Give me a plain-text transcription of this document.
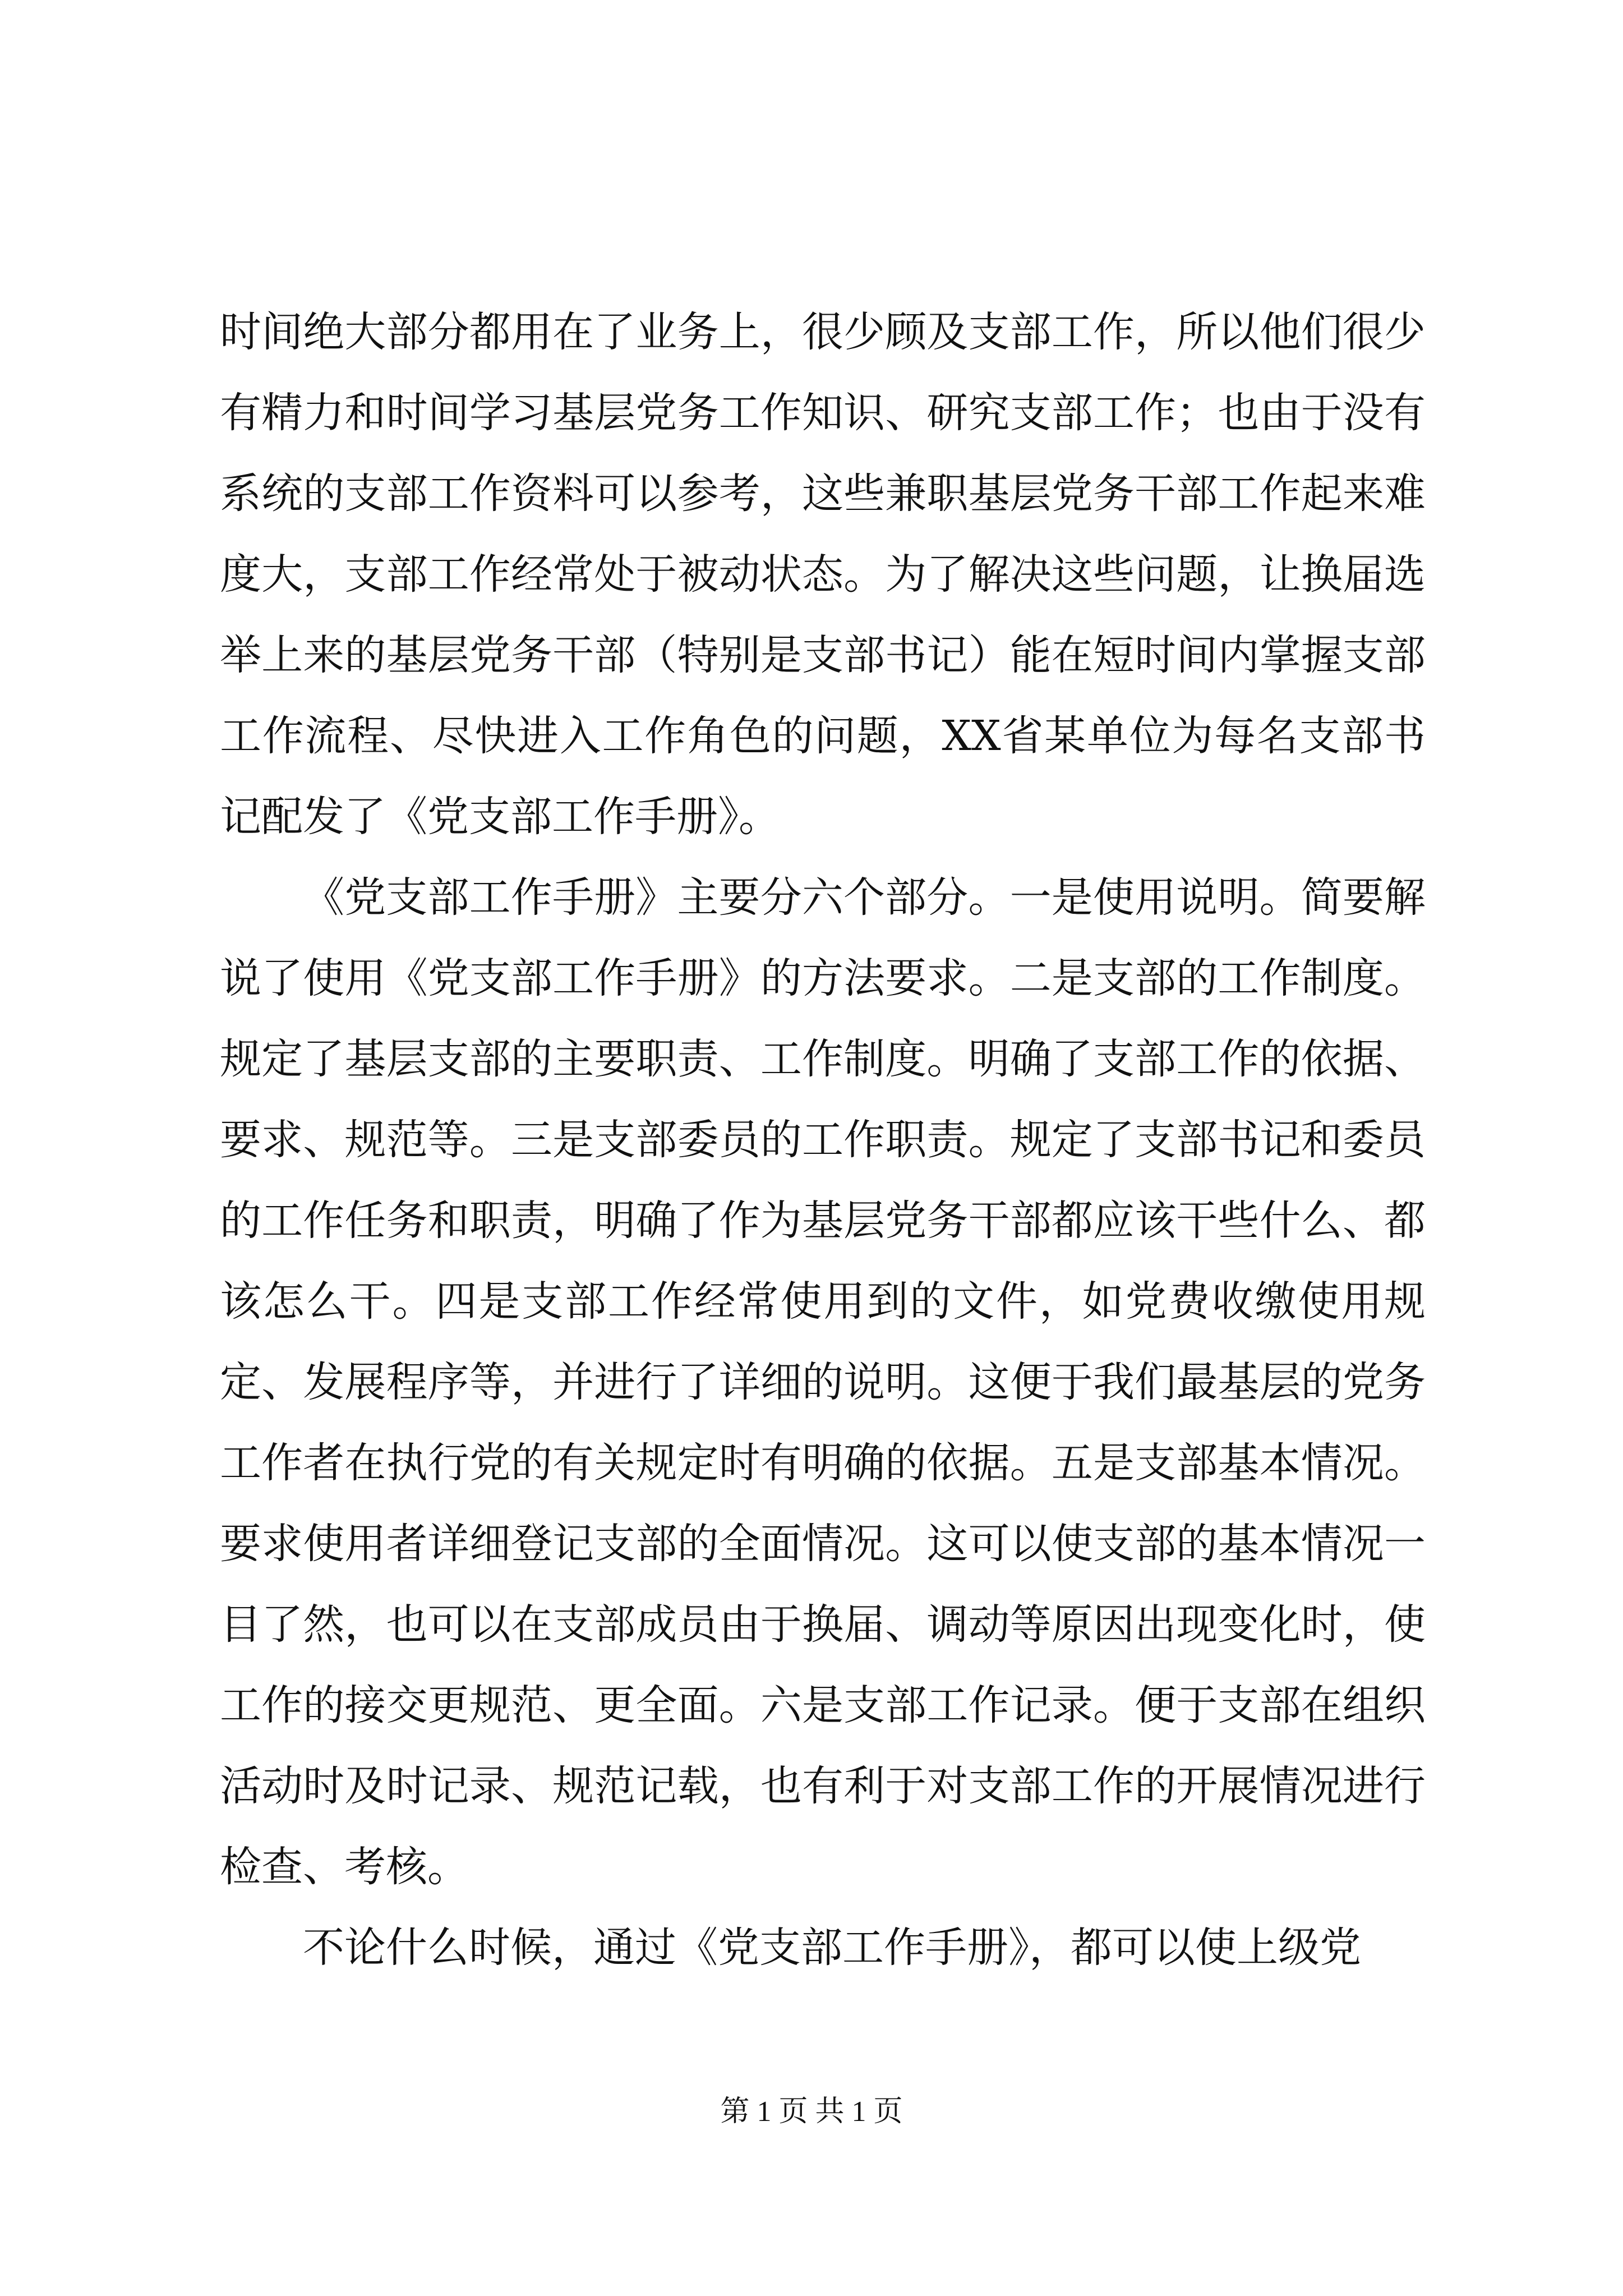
时间绝大部分都用在了业务上，很少顾及支部工作，所以他们很少有精力和时间学习基层党务工作知识、研究支部工作；也由于没有系统的支部工作资料可以参考，这些兼职基层党务干部工作起来难度大，支部工作经常处于被动状态。为了解决这些问题，让换届选举上来的基层党务干部（特别是支部书记）能在短时间内掌握支部工作流程、尽快进入工作角色的问题，XX省某单位为每名支部书记配发了《党支部工作手册》。

《党支部工作手册》主要分六个部分。一是使用说明。简要解说了使用《党支部工作手册》的方法要求。二是支部的工作制度。规定了基层支部的主要职责、工作制度。明确了支部工作的依据、要求、规范等。三是支部委员的工作职责。规定了支部书记和委员的工作任务和职责，明确了作为基层党务干部都应该干些什么、都该怎么干。四是支部工作经常使用到的文件，如党费收缴使用规定、发展程序等，并进行了详细的说明。这便于我们最基层的党务工作者在执行党的有关规定时有明确的依据。五是支部基本情况。要求使用者详细登记支部的全面情况。这可以使支部的基本情况一目了然，也可以在支部成员由于换届、调动等原因出现变化时，使工作的接交更规范、更全面。六是支部工作记录。便于支部在组织活动时及时记录、规范记载，也有利于对支部工作的开展情况进行检查、考核。

不论什么时候，通过《党支部工作手册》，都可以使上级党

第 1 页 共 1 页
